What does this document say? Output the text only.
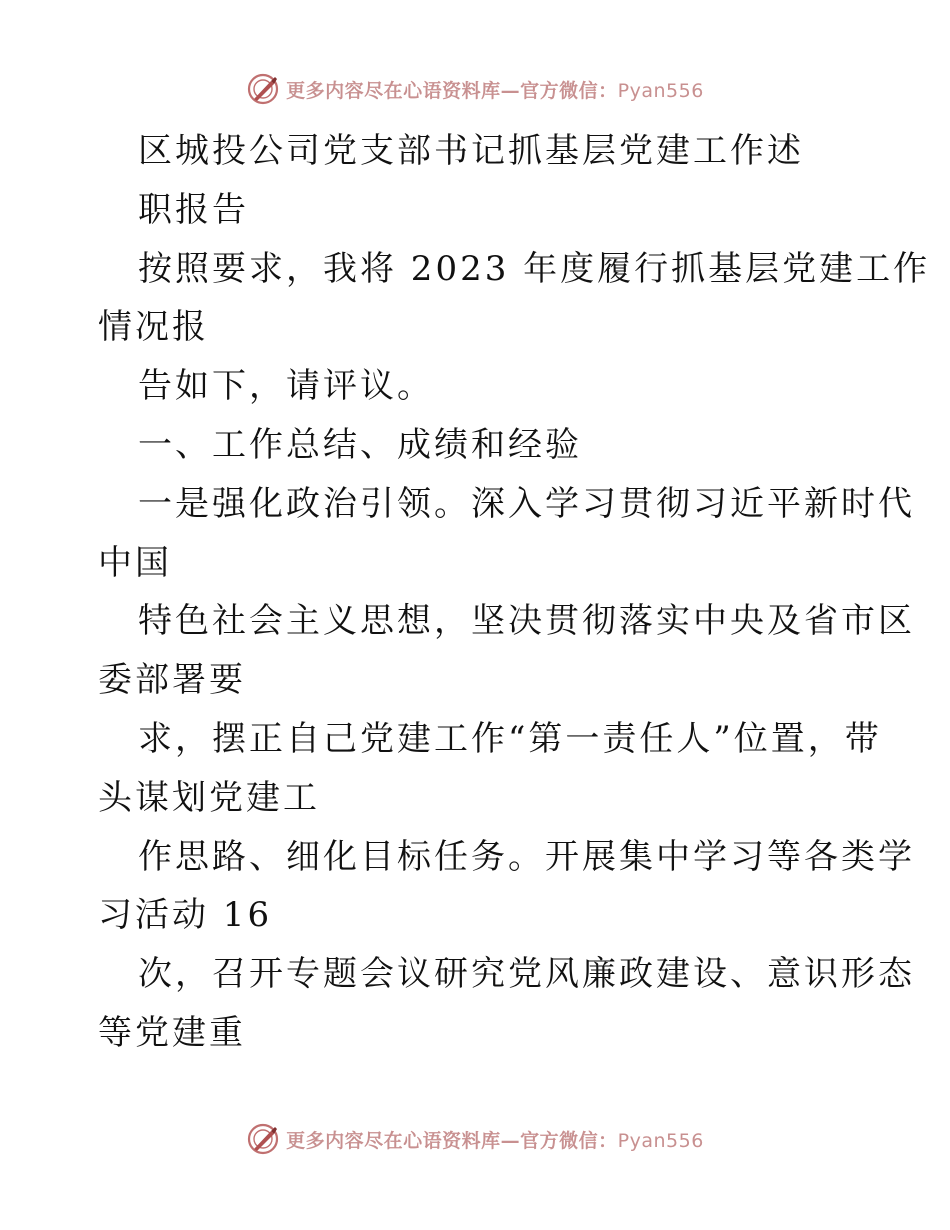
更多内容尽在心语资料库—官方微信：Pyan556
区城投公司党支部书记抓基层党建工作述
职报告
按照要求，我将 2023 年度履行抓基层党建工作
情况报
告如下，请评议。
一、工作总结、成绩和经验
一是强化政治引领。深入学习贯彻习近平新时代
中国
特色社会主义思想，坚决贯彻落实中央及省市区
委部署要
求，摆正自己党建工作“第一责任人”位置，带
头谋划党建工
作思路、细化目标任务。开展集中学习等各类学
习活动 16
次，召开专题会议研究党风廉政建设、意识形态
等党建重
更多内容尽在心语资料库—官方微信：Pyan556
